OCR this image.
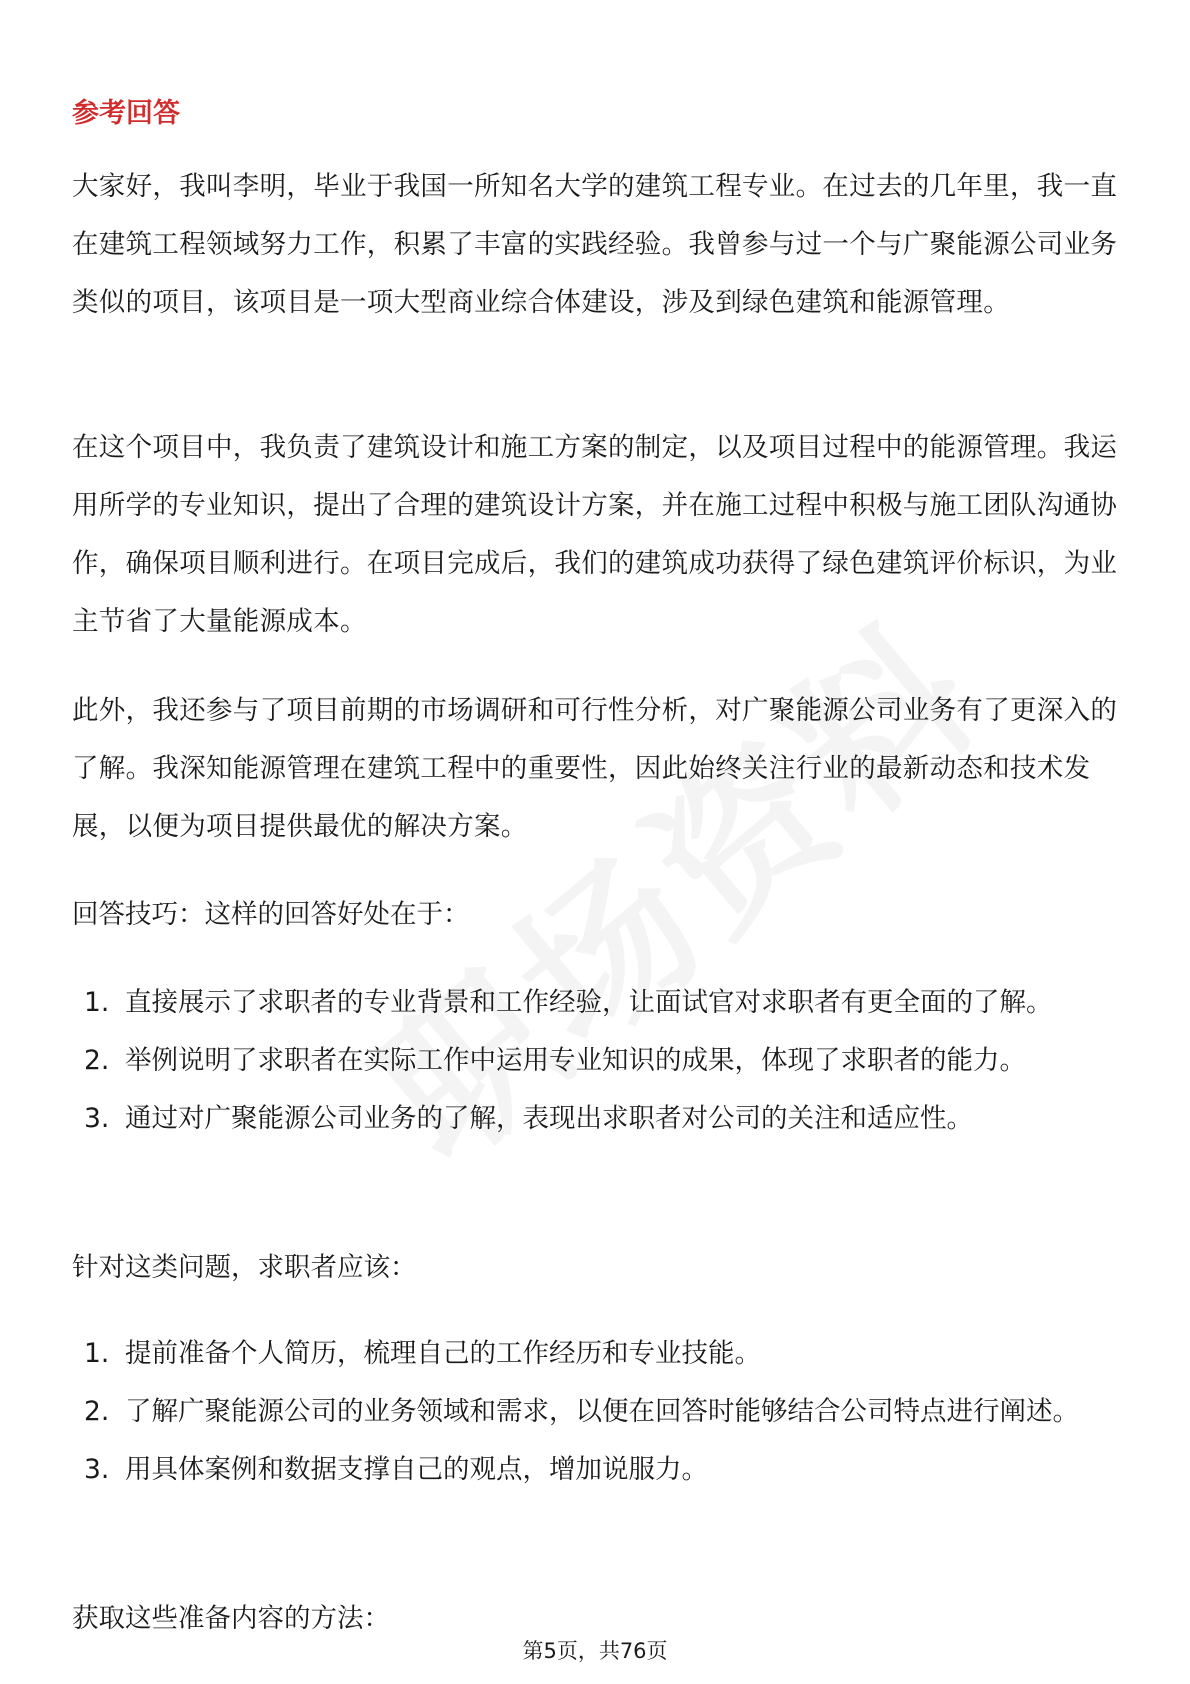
参考回答

大家好，我叫李明，毕业于我国一所知名大学的建筑工程专业。在过去的几年里，我一直在建筑工程领域努力工作，积累了丰富的实践经验。我曾参与过一个与广聚能源公司业务类似的项目，该项目是一项大型商业综合体建设，涉及到绿色建筑和能源管理。

在这个项目中，我负责了建筑设计和施工方案的制定，以及项目过程中的能源管理。我运用所学的专业知识，提出了合理的建筑设计方案，并在施工过程中积极与施工团队沟通协作，确保项目顺利进行。在项目完成后，我们的建筑成功获得了绿色建筑评价标识，为业主节省了大量能源成本。

此外，我还参与了项目前期的市场调研和可行性分析，对广聚能源公司业务有了更深入的了解。我深知能源管理在建筑工程中的重要性，因此始终关注行业的最新动态和技术发展，以便为项目提供最优的解决方案。

回答技巧：这样的回答好处在于：

1. 直接展示了求职者的专业背景和工作经验，让面试官对求职者有更全面的了解。
2. 举例说明了求职者在实际工作中运用专业知识的成果，体现了求职者的能力。
3. 通过对广聚能源公司业务的了解，表现出求职者对公司的关注和适应性。

针对这类问题，求职者应该：

1. 提前准备个人简历，梳理自己的工作经历和专业技能。
2. 了解广聚能源公司的业务领域和需求，以便在回答时能够结合公司特点进行阐述。
3. 用具体案例和数据支撑自己的观点，增加说服力。

获取这些准备内容的方法：

第5页，共76页
